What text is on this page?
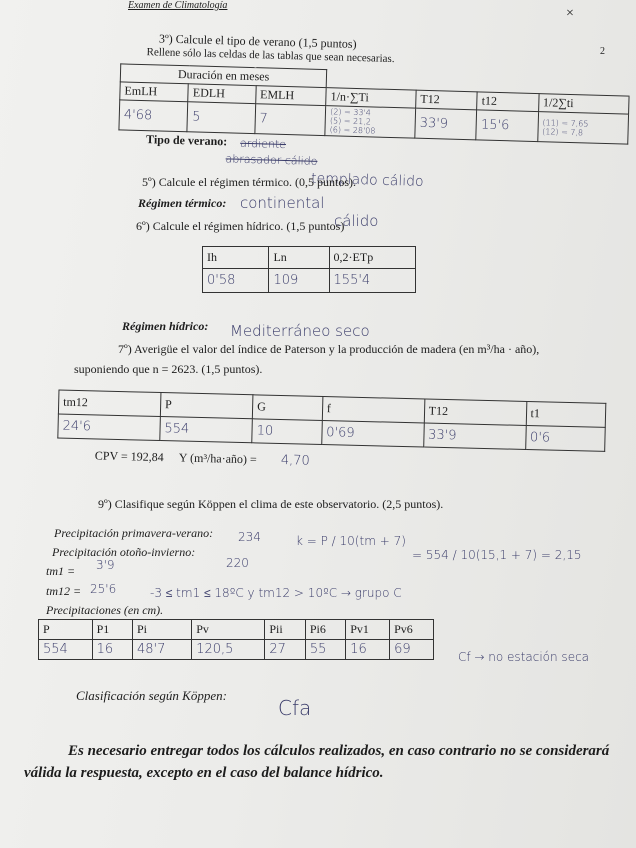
Examen de Climatología
×
2
3º) Calcule el tipo de verano (1,5 puntos)
Rellene sólo las celdas de las tablas que sean necesarias.
Duración en meses						
EmLH	EDLH	EMLH	1/n·∑Ti	T12	t12	1/2∑ti
4'68	5	7	(2) = 33'4
(5) = 21,2
(6) = 28'08	33'9	15'6	(11) = 7,65
(12) = 7,8
Tipo de verano: ardiente
abrasador cálido
templado cálido
5º) Calcule el régimen térmico. (0,5 puntos).
Régimen térmico: continental
cálido
6º) Calcule el régimen hídrico. (1,5 puntos)
Ih	Ln	0,2·ETp
0'58	109	155'4
Régimen hídrico: Mediterráneo seco
7º) Averigüe el valor del índice de Paterson y la producción de madera (en m³/ha · año),
suponiendo que n = 2623. (1,5 puntos).
tm12	P	G	f	T12	t1
24'6	554	10	0'69	33'9	0'6
CPV = 192,84 Y (m³/ha·año) = 4,70
9º) Clasifique según Köppen el clima de este observatorio. (2,5 puntos).
Precipitación primavera-verano: 234
Precipitación otoño-invierno:
220
tm1 = 3'9
tm12 = 25'6
k = P / 10(tm + 7)
= 554 / 10(15,1 + 7) = 2,15
-3 ≤ tm1 ≤ 18ºC y tm12 > 10ºC → grupo C
Precipitaciones (en cm).
P	P1	Pi	Pv	Pii	Pi6	Pv1	Pv6
554	16	48'7	120,5	27	55	16	69	Cf → no estación seca
Clasificación según Köppen:
Cfa
Es necesario entregar todos los cálculos realizados, en caso contrario no se considerará válida la respuesta, excepto en el caso del balance hídrico.
